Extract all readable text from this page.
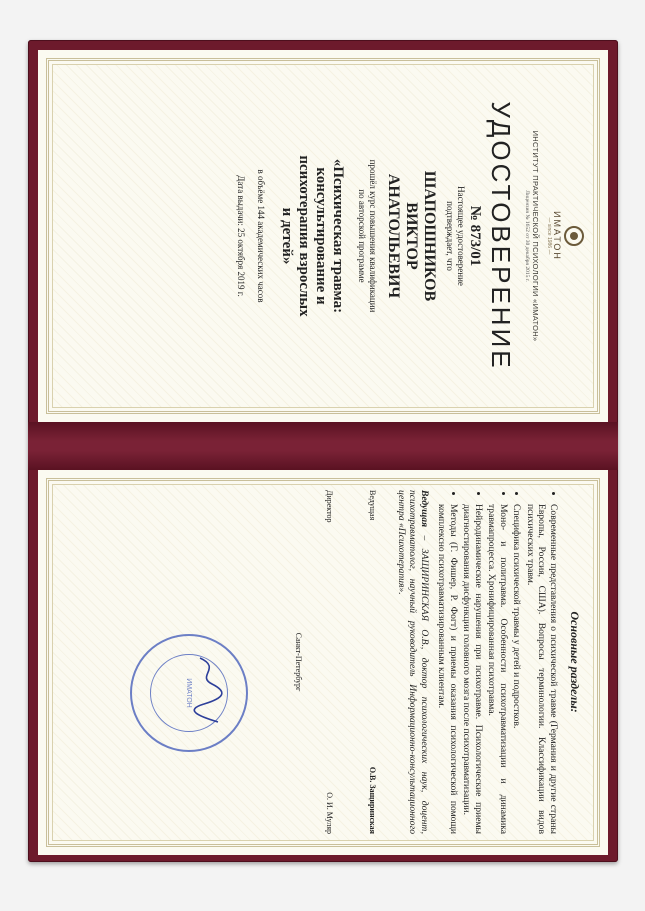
ИМАТОН
— since 1986 —
ИНСТИТУТ ПРАКТИЧЕСКОЙ ПСИХОЛОГИИ «ИМАТОН»
Лицензия № 1652 от 30 декабря 2015 г.
УДОСТОВЕРЕНИЕ
№ 873/01
Настоящее удостоверение
подтверждает, что
ШАПОШНИКОВ
ВИКТОР
АНАТОЛЬЕВИЧ
прошёл курс повышения квалификации
по авторской программе
«Психическая травма:
консультирование и
психотерапия взрослых
и детей»
в объёме 144 академических часов
Дата выдачи: 25 октября 2019 г.
Основные разделы:
• Современные представления о психической травме (Германия и другие страны Европы, Россия, США). Вопросы терминологии. Классификации видов психических травм.
• Специфика психической травмы у детей и подростков.
• Моно- и политравма. Особенности психотравматизации и динамика травмапроцесса. Хронифицированная психотравма.
• Нейродинамические нарушения при психотравме. Психологические приемы диагностирования дисфункции головного мозга после психотравматизации.
• Методы (Г. Фишер, Р. Фогт) и приемы оказания психологической помощи комплексно психотравматизированным клиентам.
Ведущая – ЗАЩИРИНСКАЯ О.В., доктор психологических наук, доцент, психотравматолог, научный руководитель Информационно-консультационного центра «Психотерапия».
Ведущая
О.В. Защиринская
Директор
О. И. Муляр
Санкт-Петербург
ИМАТОН
